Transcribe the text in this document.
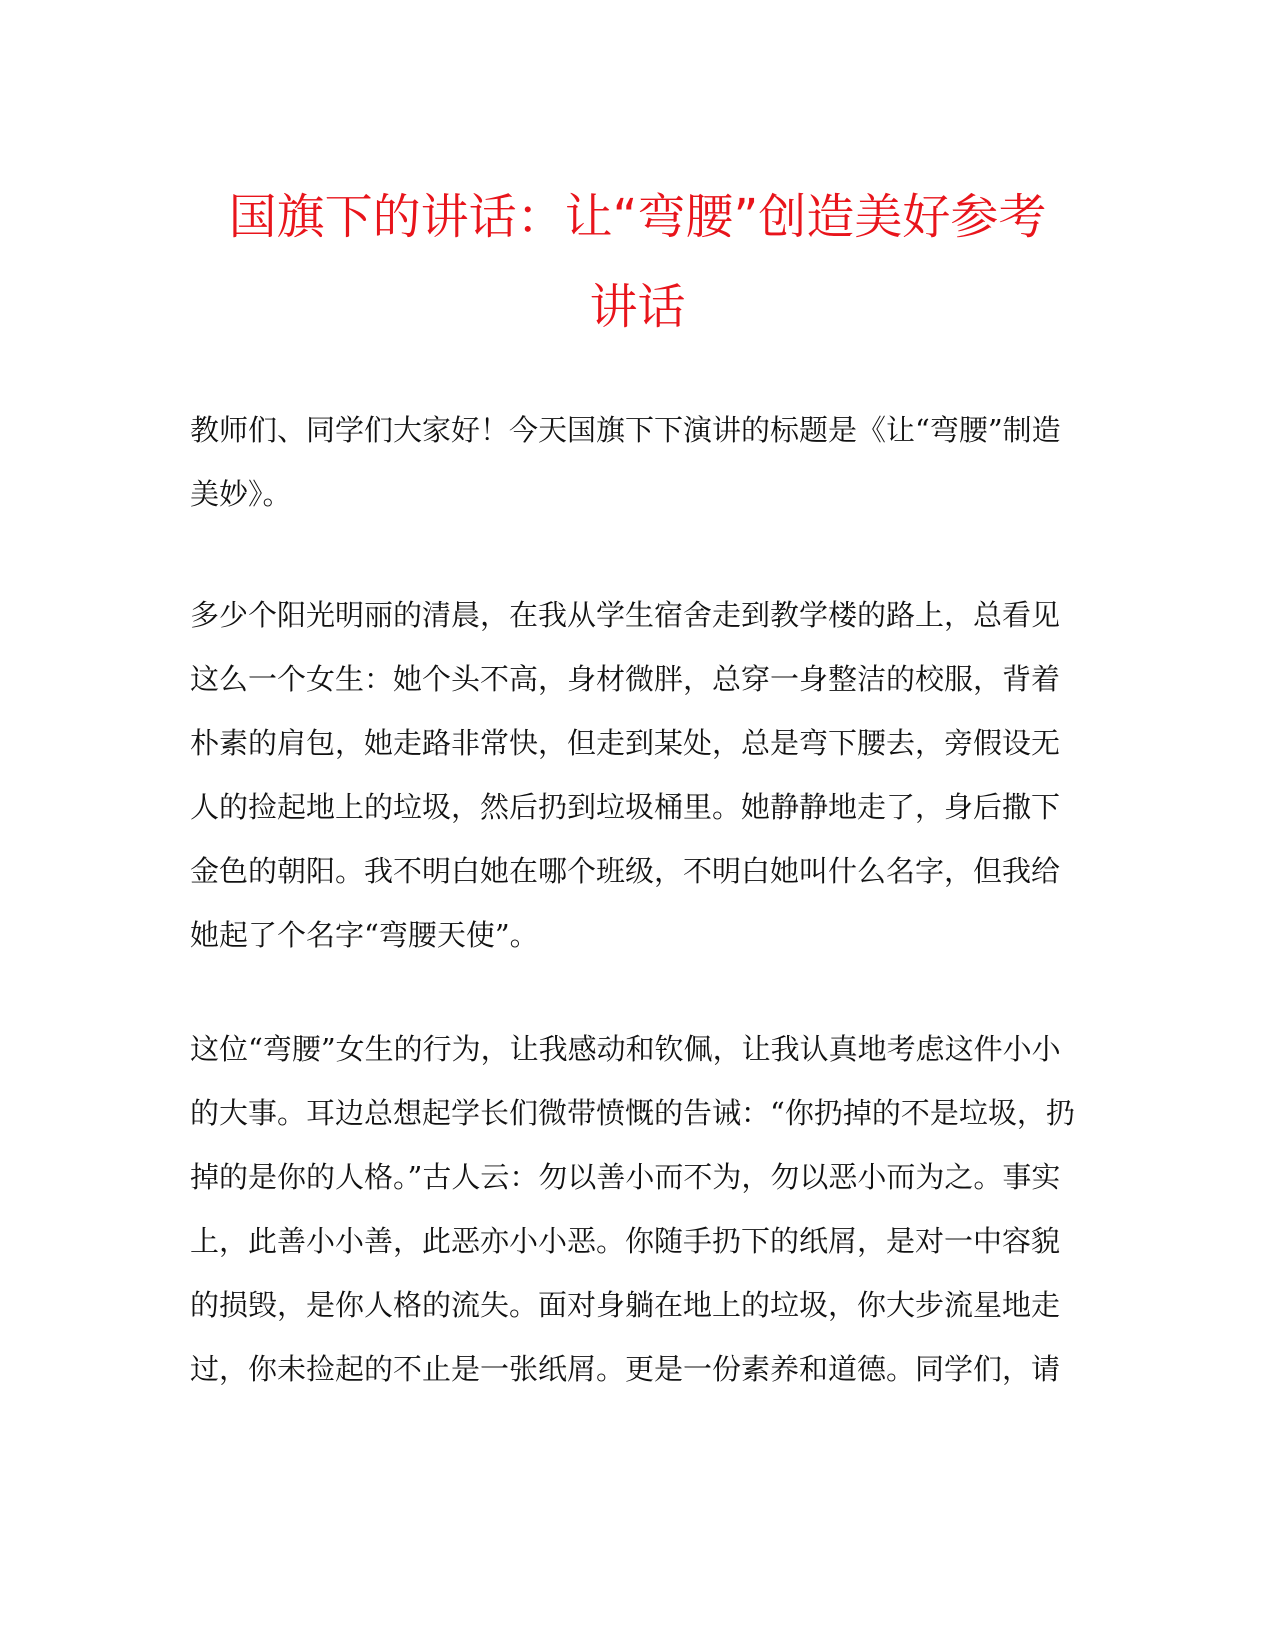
国旗下的讲话：让“弯腰”创造美好参考
讲话
教师们、同学们大家好！今天国旗下下演讲的标题是《让“弯腰”制造
美妙》。
多少个阳光明丽的清晨，在我从学生宿舍走到教学楼的路上，总看见
这么一个女生：她个头不高，身材微胖，总穿一身整洁的校服，背着
朴素的肩包，她走路非常快，但走到某处，总是弯下腰去，旁假设无
人的捡起地上的垃圾，然后扔到垃圾桶里。她静静地走了，身后撒下
金色的朝阳。我不明白她在哪个班级，不明白她叫什么名字，但我给
她起了个名字“弯腰天使”。
这位“弯腰”女生的行为，让我感动和钦佩，让我认真地考虑这件小小
的大事。耳边总想起学长们微带愤慨的告诫：“你扔掉的不是垃圾，扔
掉的是你的人格。”古人云：勿以善小而不为，勿以恶小而为之。事实
上，此善小小善，此恶亦小小恶。你随手扔下的纸屑，是对一中容貌
的损毁，是你人格的流失。面对身躺在地上的垃圾，你大步流星地走
过，你未捡起的不止是一张纸屑。更是一份素养和道德。同学们，请
